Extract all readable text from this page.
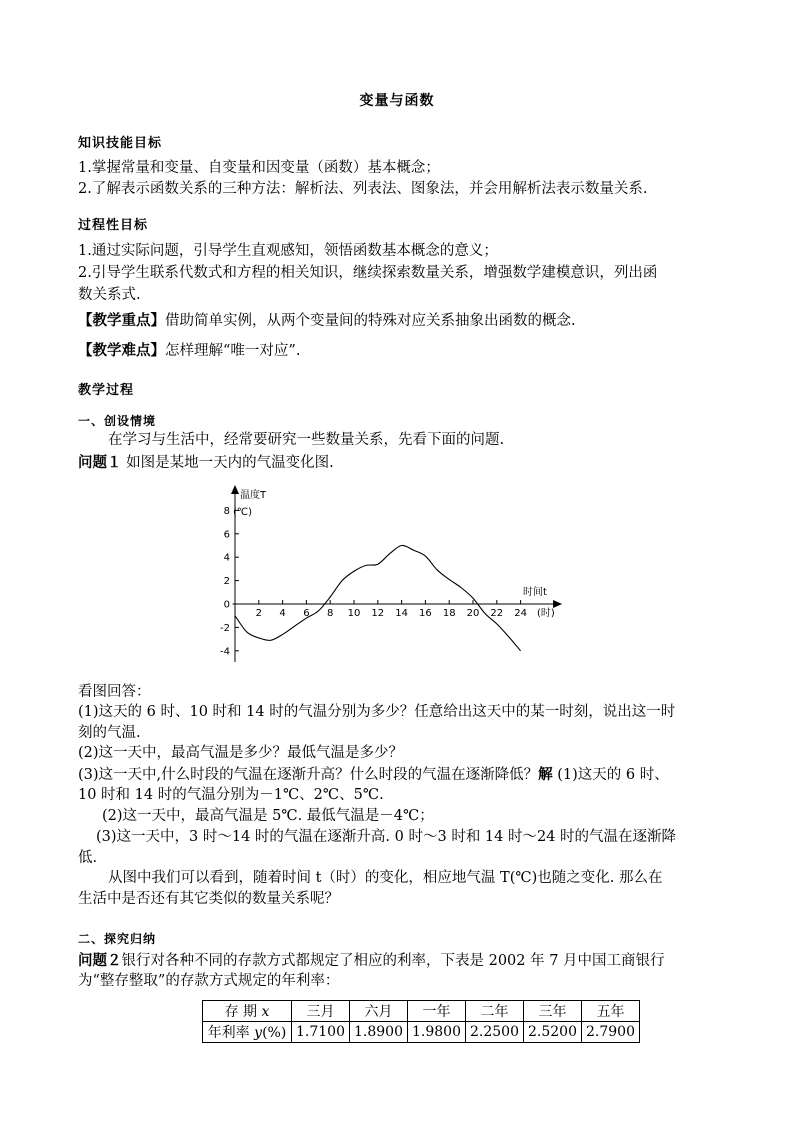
变量与函数
知识技能目标
1.掌握常量和变量、自变量和因变量（函数）基本概念；
2.了解表示函数关系的三种方法：解析法、列表法、图象法，并会用解析法表示数量关系.
过程性目标
1.通过实际问题，引导学生直观感知，领悟函数基本概念的意义；
2.引导学生联系代数式和方程的相关知识，继续探索数量关系，增强数学建模意识，列出函
数关系式.
【教学重点】借助简单实例，从两个变量间的特殊对应关系抽象出函数的概念.
【教学难点】怎样理解“唯一对应”.
教学过程
一、创设情境
在学习与生活中，经常要研究一些数量关系，先看下面的问题.
问题１ 如图是某地一天内的气温变化图.
8
6
4
2
0
-2
-4
2 4 6 8 10 12 14 16 18 20 22 24
温度T
(℃)
时间t
(时)
看图回答：
(1)这天的 6 时、10 时和 14 时的气温分别为多少？任意给出这天中的某一时刻，说出这一时
刻的气温.
(2)这一天中，最高气温是多少？最低气温是多少？
(3)这一天中,什么时段的气温在逐渐升高？什么时段的气温在逐渐降低？解 (1)这天的 6 时、
10 时和 14 时的气温分别为－1℃、2℃、5℃.
(2)这一天中，最高气温是 5℃. 最低气温是－4℃；
(3)这一天中，3 时～14 时的气温在逐渐升高. 0 时～3 时和 14 时～24 时的气温在逐渐降
低.
从图中我们可以看到，随着时间 t（时）的变化，相应地气温 T(℃)也随之变化. 那么在
生活中是否还有其它类似的数量关系呢？
二、探究归纳
问题２银行对各种不同的存款方式都规定了相应的利率，下表是 2002 年 7 月中国工商银行
为“整存整取”的存款方式规定的年利率：
存 期 x	三月	六月	一年	二年	三年	五年
年利率 y(%)	1.7100	1.8900	1.9800	2.2500	2.5200	2.7900
